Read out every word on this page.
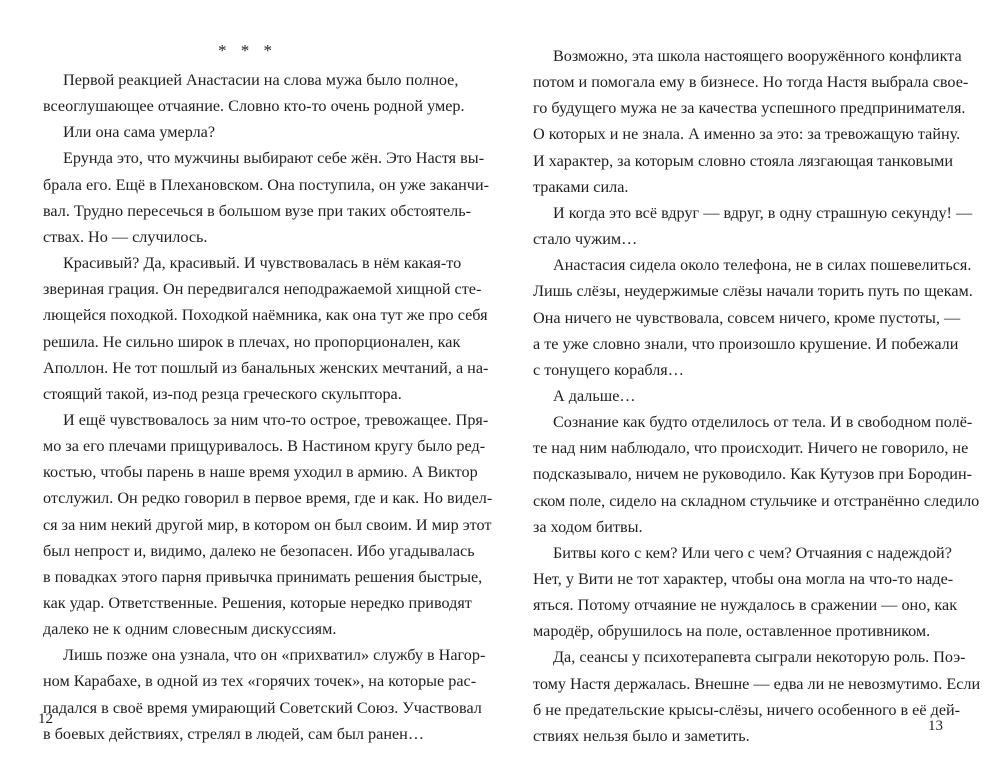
* * *
Первой реакцией Анастасии на слова мужа было полное,
всеоглушающее отчаяние. Словно кто-то очень родной умер.
Или она сама умерла?
Ерунда это, что мужчины выбирают себе жён. Это Настя вы-
брала его. Ещё в Плехановском. Она поступила, он уже заканчи-
вал. Трудно пересечься в большом вузе при таких обстоятель-
ствах. Но — случилось.
Красивый? Да, красивый. И чувствовалась в нём какая-то
звериная грация. Он передвигался неподражаемой хищной сте-
лющейся походкой. Походкой наёмника, как она тут же про себя
решила. Не сильно широк в плечах, но пропорционален, как
Аполлон. Не тот пошлый из банальных женских мечтаний, а на-
стоящий такой, из-под резца греческого скульптора.
И ещё чувствовалось за ним что-то острое, тревожащее. Пря-
мо за его плечами прищуривалось. В Настином кругу было ред-
костью, чтобы парень в наше время уходил в армию. А Виктор
отслужил. Он редко говорил в первое время, где и как. Но видел-
ся за ним некий другой мир, в котором он был своим. И мир этот
был непрост и, видимо, далеко не безопасен. Ибо угадывалась
в повадках этого парня привычка принимать решения быстрые,
как удар. Ответственные. Решения, которые нередко приводят
далеко не к одним словесным дискуссиям.
Лишь позже она узнала, что он «прихватил» службу в Нагор-
ном Карабахе, в одной из тех «горячих точек», на которые рас-
падался в своё время умирающий Советский Союз. Участвовал
в боевых действиях, стрелял в людей, сам был ранен…
12
Возможно, эта школа настоящего вооружённого конфликта
потом и помогала ему в бизнесе. Но тогда Настя выбрала свое-
го будущего мужа не за качества успешного предпринимателя.
О которых и не знала. А именно за это: за тревожащую тайну.
И характер, за которым словно стояла лязгающая танковыми
траками сила.
И когда это всё вдруг — вдруг, в одну страшную секунду! —
стало чужим…
Анастасия сидела около телефона, не в силах пошевелиться.
Лишь слёзы, неудержимые слёзы начали торить путь по щекам.
Она ничего не чувствовала, совсем ничего, кроме пустоты, —
а те уже словно знали, что произошло крушение. И побежали
с тонущего корабля…
А дальше…
Сознание как будто отделилось от тела. И в свободном полё-
те над ним наблюдало, что происходит. Ничего не говорило, не
подсказывало, ничем не руководило. Как Кутузов при Бородин-
ском поле, сидело на складном стульчике и отстранённо следило
за ходом битвы.
Битвы кого с кем? Или чего с чем? Отчаяния с надеждой?
Нет, у Вити не тот характер, чтобы она могла на что-то наде-
яться. Потому отчаяние не нуждалось в сражении — оно, как
мародёр, обрушилось на поле, оставленное противником.
Да, сеансы у психотерапевта сыграли некоторую роль. Поэ-
тому Настя держалась. Внешне — едва ли не невозмутимо. Если
б не предательские крысы-слёзы, ничего особенного в её дей-
ствиях нельзя было и заметить.
13
